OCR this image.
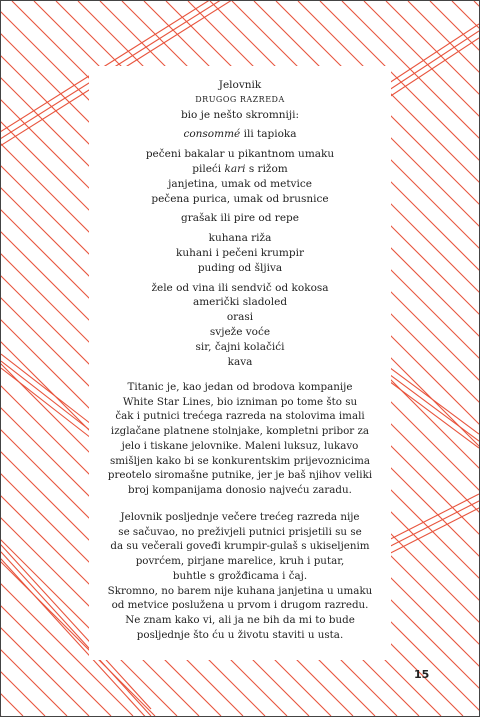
Jelovnik
DRUGOG RAZREDA
bio je nešto skromniji:
consommé ili tapioka
pečeni bakalar u pikantnom umaku
pileći kari s rižom
janjetina, umak od metvice
pečena purica, umak od brusnice
grašak ili pire od repe
kuhana riža
kuhani i pečeni krumpir
puding od šljiva
žele od vina ili sendvič od kokosa
američki sladoled
orasi
svježe voće
sir, čajni kolačići
kava
Titanic je, kao jedan od brodova kompanije
White Star Lines, bio izniman po tome što su
čak i putnici trećega razreda na stolovima imali
izglačane platnene stolnjake, kompletni pribor za
jelo i tiskane jelovnike. Maleni luksuz, lukavo
smišljen kako bi se konkurentskim prijevoznicima
preotelo siromašne putnike, jer je baš njihov veliki
broj kompanijama donosio najveću zaradu.
Jelovnik posljednje večere trećeg razreda nije
se sačuvao, no preživjeli putnici prisjetili su se
da su večerali goveđi krumpir-gulaš s ukiseljenim
povrćem, pirjane marelice, kruh i putar,
buhtle s grožđicama i čaj.
Skromno, no barem nije kuhana janjetina u umaku
od metvice poslužena u prvom i drugom razredu.
Ne znam kako vi, ali ja ne bih da mi to bude
posljednje što ću u životu staviti u usta.
15
